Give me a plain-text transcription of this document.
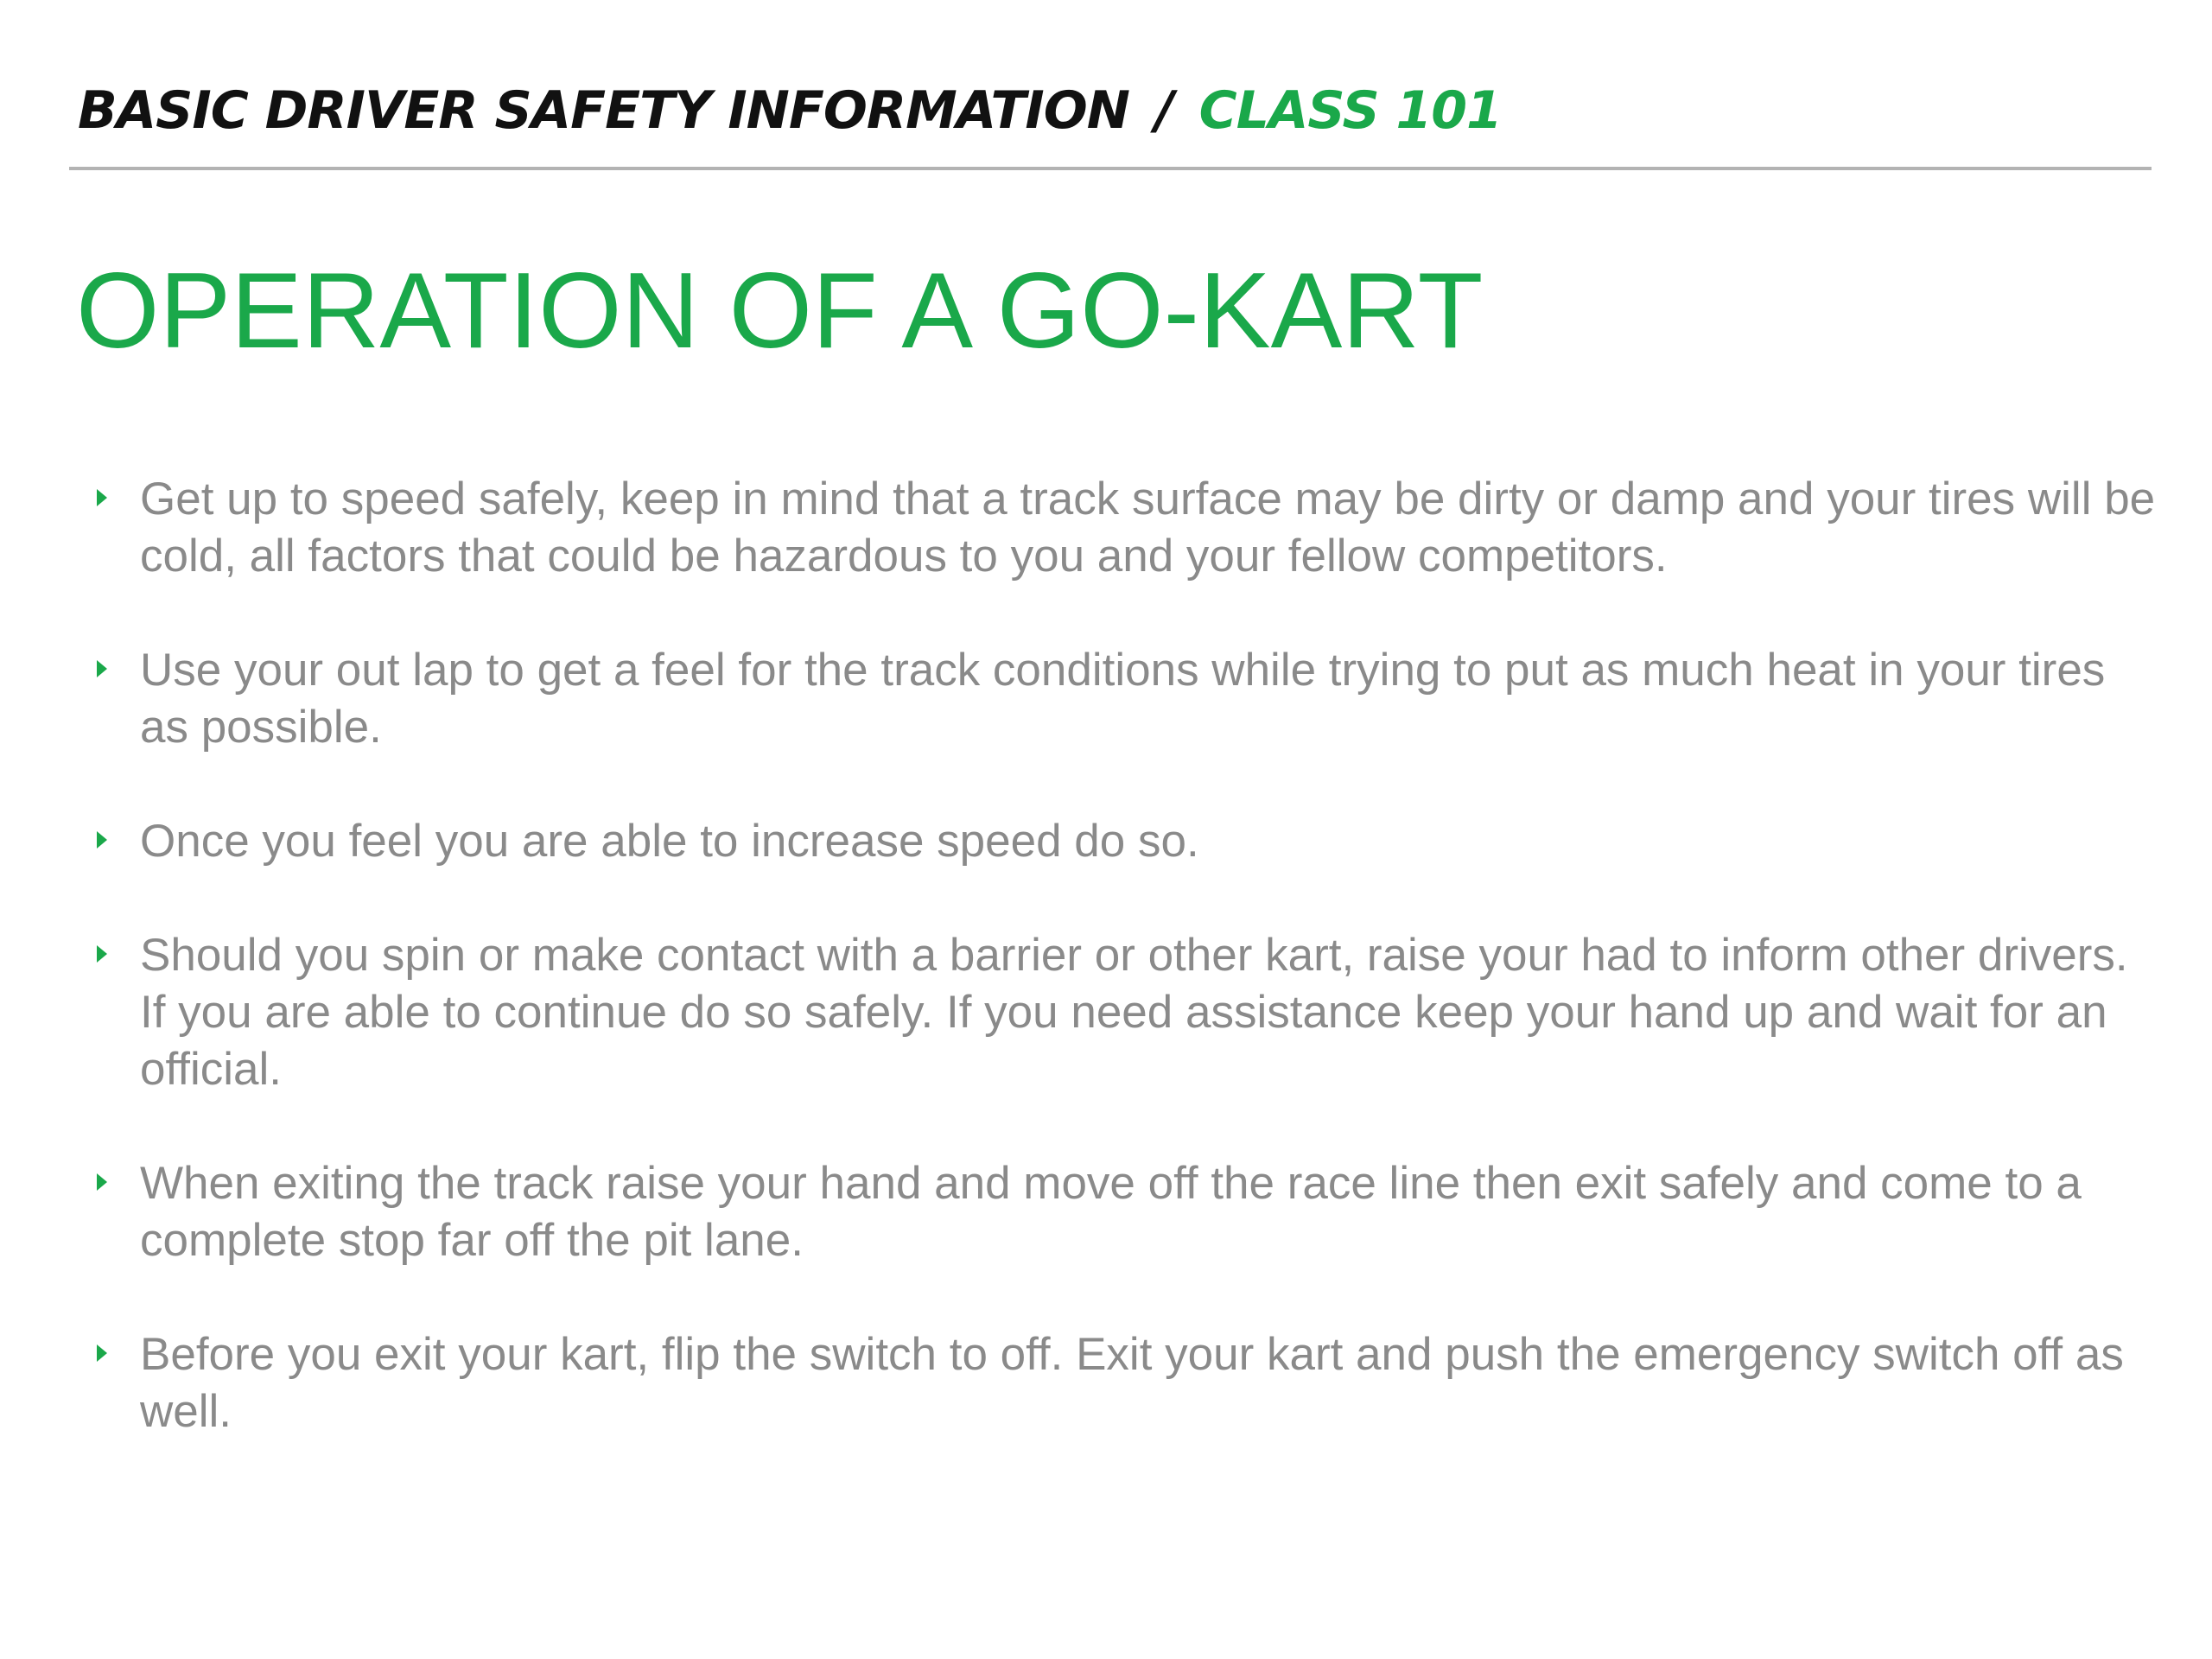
BASIC DRIVER SAFETY INFORMATION / CLASS 101
OPERATION OF A GO-KART
Get up to speed safely, keep in mind that a track surface may be dirty or damp and your tires will be cold, all factors that could be hazardous to you and your fellow competitors.
Use your out lap to get a feel for the track conditions while trying to put as much heat in your tires as possible.
Once you feel you are able to increase speed do so.
Should you spin or make contact with a barrier or other kart, raise your had to inform other drivers. If you are able to continue do so safely. If you need assistance keep your hand up and wait for an official.
When exiting the track raise your hand and move off the race line then exit safely and come to a complete stop far off the pit lane.
Before you exit your kart, flip the switch to off. Exit your kart and push the emergency switch off as well.
